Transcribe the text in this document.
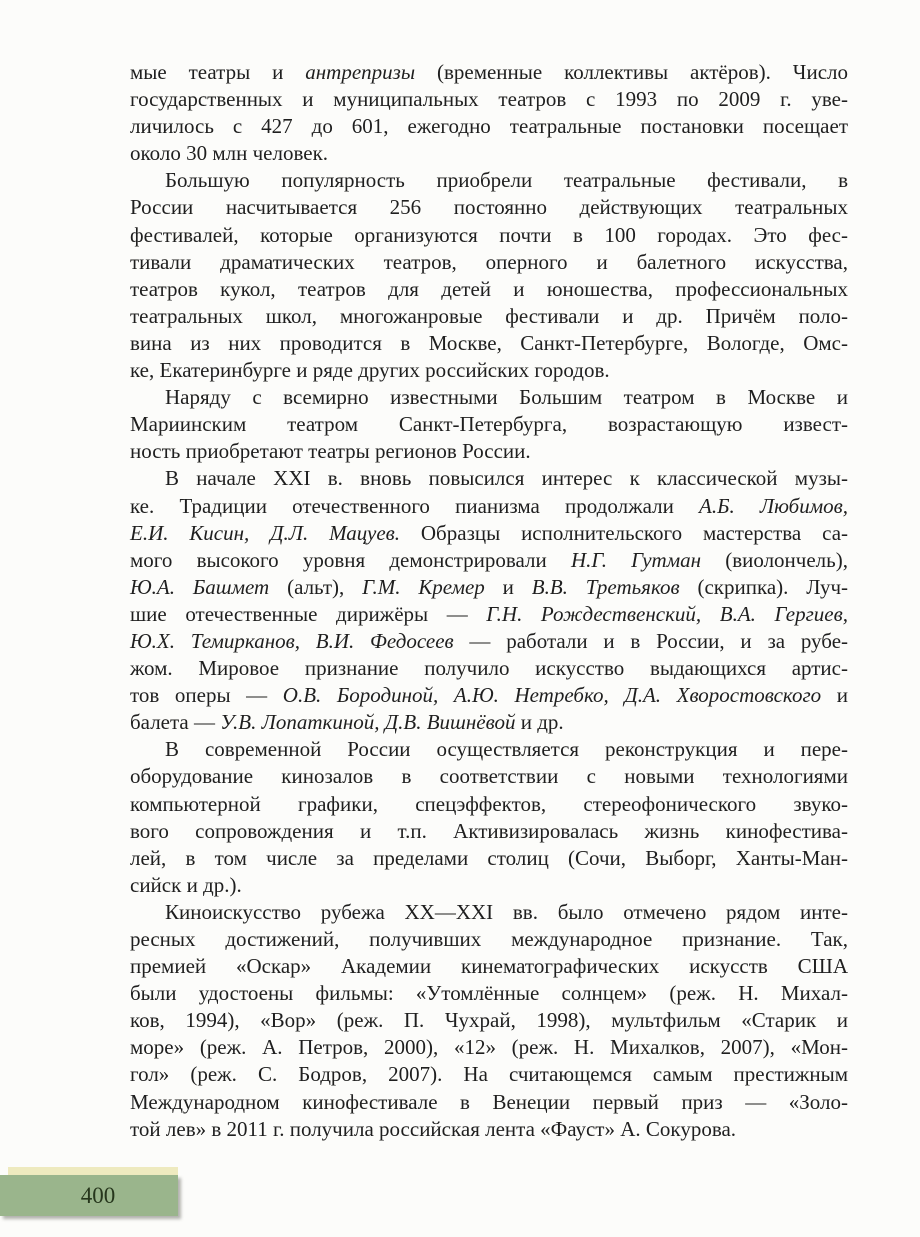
мые театры и антрепризы (временные коллективы актёров). Число
государственных и муниципальных театров с 1993 по 2009 г. уве-
личилось с 427 до 601, ежегодно театральные постановки посещает
около 30 млн человек.
Большую популярность приобрели театральные фестивали, в
России насчитывается 256 постоянно действующих театральных
фестивалей, которые организуются почти в 100 городах. Это фес-
тивали драматических театров, оперного и балетного искусства,
театров кукол, театров для детей и юношества, профессиональных
театральных школ, многожанровые фестивали и др. Причём поло-
вина из них проводится в Москве, Санкт-Петербурге, Вологде, Омс-
ке, Екатеринбурге и ряде других российских городов.
Наряду с всемирно известными Большим театром в Москве и
Мариинским театром Санкт-Петербурга, возрастающую извест-
ность приобретают театры регионов России.
В начале XXI в. вновь повысился интерес к классической музы-
ке. Традиции отечественного пианизма продолжали А.Б. Любимов,
Е.И. Кисин, Д.Л. Мацуев. Образцы исполнительского мастерства са-
мого высокого уровня демонстрировали Н.Г. Гутман (виолончель),
Ю.А. Башмет (альт), Г.М. Кремер и В.В. Третьяков (скрипка). Луч-
шие отечественные дирижёры — Г.Н. Рождественский, В.А. Гергиев,
Ю.Х. Темирканов, В.И. Федосеев — работали и в России, и за рубе-
жом. Мировое признание получило искусство выдающихся артис-
тов оперы — О.В. Бородиной, А.Ю. Нетребко, Д.А. Хворостовского и
балета — У.В. Лопаткиной, Д.В. Вишнёвой и др.
В современной России осуществляется реконструкция и пере-
оборудование кинозалов в соответствии с новыми технологиями
компьютерной графики, спецэффектов, стереофонического звуко-
вого сопровождения и т.п. Активизировалась жизнь кинофестива-
лей, в том числе за пределами столиц (Сочи, Выборг, Ханты-Ман-
сийск и др.).
Киноискусство рубежа XX—XXI вв. было отмечено рядом инте-
ресных достижений, получивших международное признание. Так,
премией «Оскар» Академии кинематографических искусств США
были удостоены фильмы: «Утомлённые солнцем» (реж. Н. Михал-
ков, 1994), «Вор» (реж. П. Чухрай, 1998), мультфильм «Старик и
море» (реж. А. Петров, 2000), «12» (реж. Н. Михалков, 2007), «Мон-
гол» (реж. С. Бодров, 2007). На считающемся самым престижным
Международном кинофестивале в Венеции первый приз — «Золо-
той лев» в 2011 г. получила российская лента «Фауст» А. Сокурова.
400
